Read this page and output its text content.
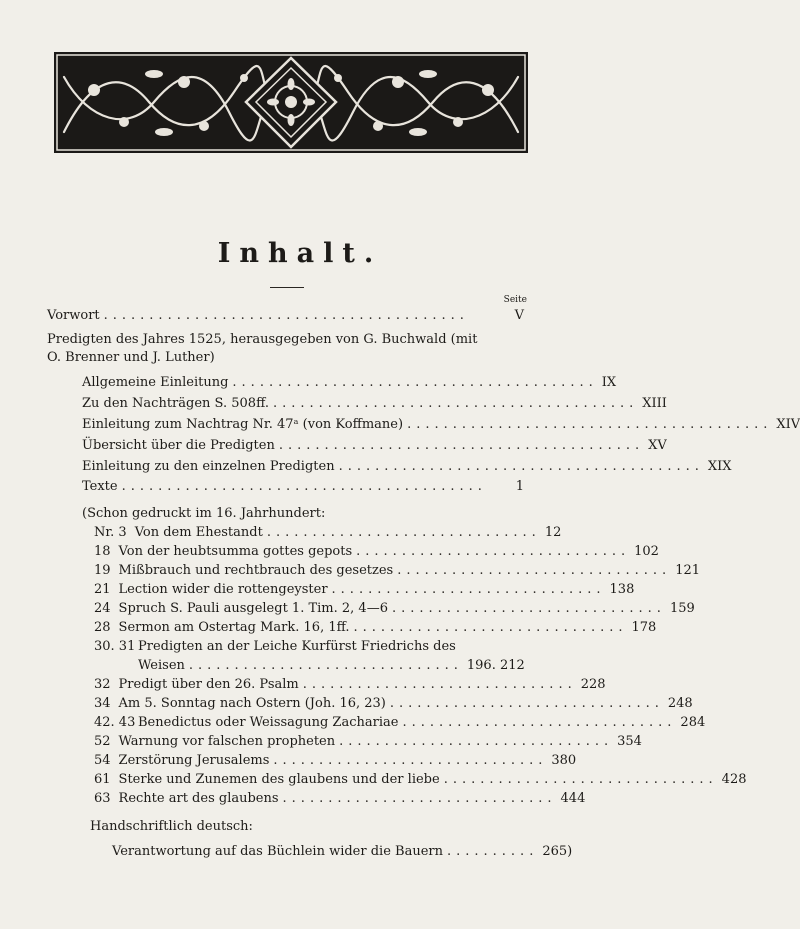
Inhalt.
Seite
Vorwort ........................................	V
Predigten des Jahres 1525, herausgegeben von G. Buchwald (mit
O. Brenner und J. Luther)
Allgemeine Einleitung ........................................ IX
Zu den Nachträgen S. 508ff. ........................................ XIII
Einleitung zum Nachtrag Nr. 47ᵃ (von Koffmane) ........................................ XIV
Übersicht über die Predigten ........................................ XV
Einleitung zu den einzelnen Predigten ........................................ XIX
Texte ........................................	1
(Schon gedruckt im 16. Jahrhundert:
Nr. 3 Von dem Ehestandt .............................. 12
18 Von der heubtsumma gottes gepots .............................. 102
19 Mißbrauch und rechtbrauch des gesetzes .............................. 121
21 Lection wider die rottengeyster .............................. 138
24 Spruch S. Pauli ausgelegt 1. Tim. 2, 4—6 .............................. 159
28 Sermon am Ostertag Mark. 16, 1ff. .............................. 178
30. 31 Predigten an der Leiche Kurfürst Friedrichs des
Weisen .............................. 196. 212
32 Predigt über den 26. Psalm .............................. 228
34 Am 5. Sonntag nach Ostern (Joh. 16, 23) .............................. 248
42. 43 Benedictus oder Weissagung Zachariae .............................. 284
52 Warnung vor falschen propheten .............................. 354
54 Zerstörung Jerusalems .............................. 380
61 Sterke und Zunemen des glaubens und der liebe .............................. 428
63 Rechte art des glaubens .............................. 444
Handschriftlich deutsch:
Verantwortung auf das Büchlein wider die Bauern .......... 265)
